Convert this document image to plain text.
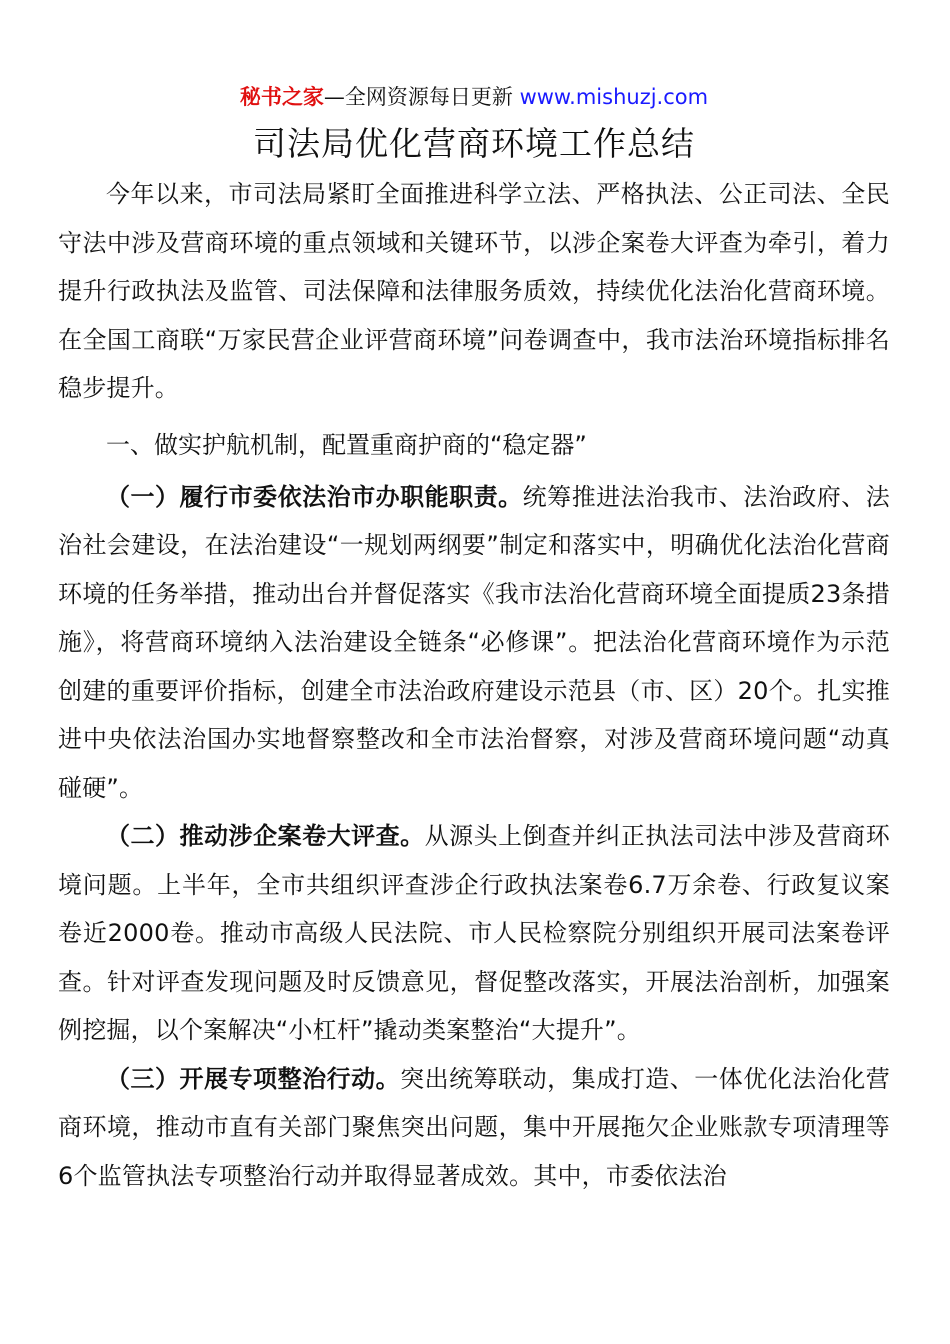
秘书之家—全网资源每日更新 www.mishuzj.com
司法局优化营商环境工作总结

今年以来，市司法局紧盯全面推进科学立法、严格执法、公正司法、全民守法中涉及营商环境的重点领域和关键环节，以涉企案卷大评查为牵引，着力提升行政执法及监管、司法保障和法律服务质效，持续优化法治化营商环境。在全国工商联“万家民营企业评营商环境”问卷调查中，我市法治环境指标排名稳步提升。

一、做实护航机制，配置重商护商的“稳定器”

（一）履行市委依法治市办职能职责。统筹推进法治我市、法治政府、法治社会建设，在法治建设“一规划两纲要”制定和落实中，明确优化法治化营商环境的任务举措，推动出台并督促落实《我市法治化营商环境全面提质23条措施》，将营商环境纳入法治建设全链条“必修课”。把法治化营商环境作为示范创建的重要评价指标，创建全市法治政府建设示范县（市、区）20个。扎实推进中央依法治国办实地督察整改和全市法治督察，对涉及营商环境问题“动真碰硬”。

（二）推动涉企案卷大评查。从源头上倒查并纠正执法司法中涉及营商环境问题。上半年，全市共组织评查涉企行政执法案卷6.7万余卷、行政复议案卷近2000卷。推动市高级人民法院、市人民检察院分别组织开展司法案卷评查。针对评查发现问题及时反馈意见，督促整改落实，开展法治剖析，加强案例挖掘，以个案解决“小杠杆”撬动类案整治“大提升”。

（三）开展专项整治行动。突出统筹联动，集成打造、一体优化法治化营商环境，推动市直有关部门聚焦突出问题，集中开展拖欠企业账款专项清理等6个监管执法专项整治行动并取得显著成效。其中，市委依法治
